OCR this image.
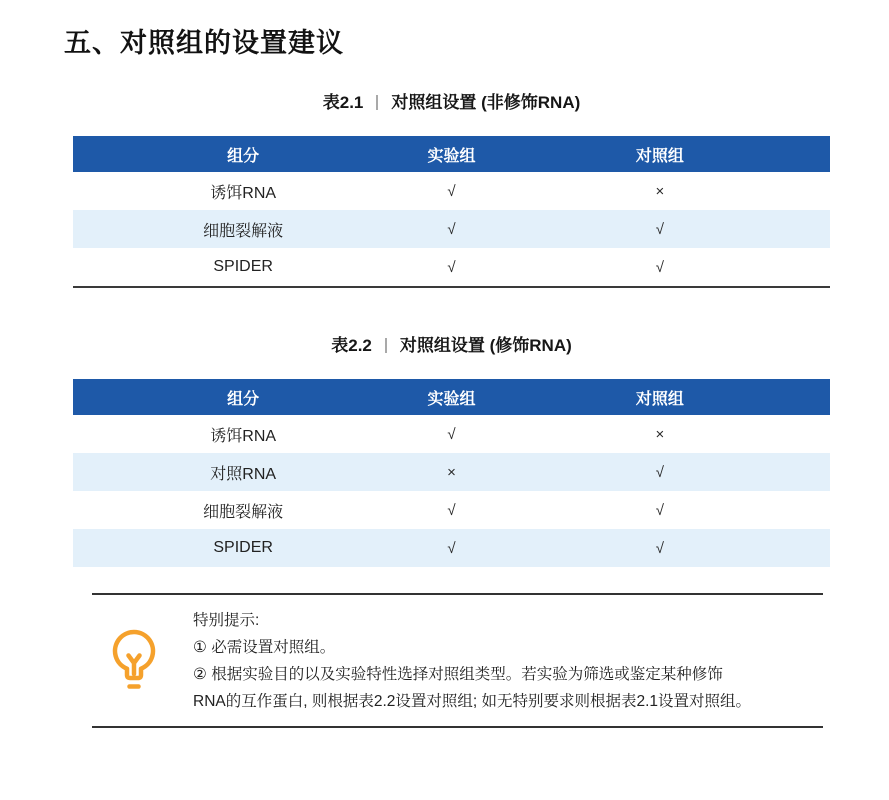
五、对照组的设置建议
表2.1 对照组设置 (非修饰RNA)
组分	实验组	对照组
诱饵RNA	√	×
细胞裂解液	√	√
SPIDER	√	√
表2.2 对照组设置 (修饰RNA)
组分	实验组	对照组
诱饵RNA	√	×
对照RNA	×	√
细胞裂解液	√	√
SPIDER	√	√
特别提示:
① 必需设置对照组。
② 根据实验目的以及实验特性选择对照组类型。若实验为筛选或鉴定某种修饰
RNA的互作蛋白, 则根据表2.2设置对照组; 如无特别要求则根据表2.1设置对照组。
